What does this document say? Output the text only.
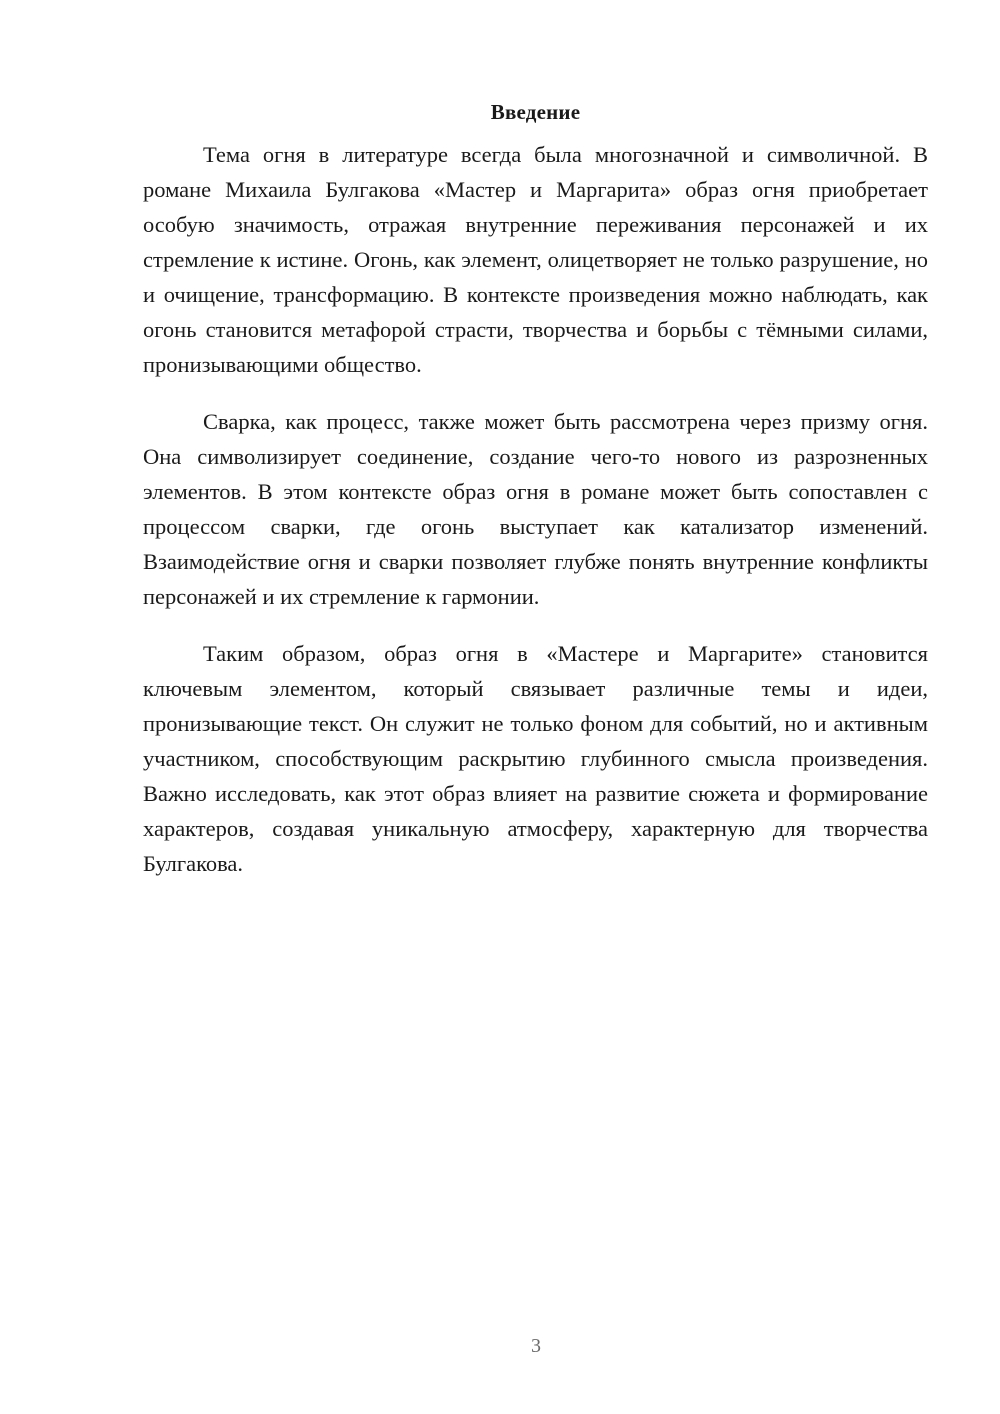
Введение

Тема огня в литературе всегда была многозначной и символичной. В романе Михаила Булгакова «Мастер и Маргарита» образ огня приобретает особую значимость, отражая внутренние переживания персонажей и их стремление к истине. Огонь, как элемент, олицетворяет не только разрушение, но и очищение, трансформацию. В контексте произведения можно наблюдать, как огонь становится метафорой страсти, творчества и борьбы с тёмными силами, пронизывающими общество.

Сварка, как процесс, также может быть рассмотрена через призму огня. Она символизирует соединение, создание чего-то нового из разрозненных элементов. В этом контексте образ огня в романе может быть сопоставлен с процессом сварки, где огонь выступает как катализатор изменений. Взаимодействие огня и сварки позволяет глубже понять внутренние конфликты персонажей и их стремление к гармонии.

Таким образом, образ огня в «Мастере и Маргарите» становится ключевым элементом, который связывает различные темы и идеи, пронизывающие текст. Он служит не только фоном для событий, но и активным участником, способствующим раскрытию глубинного смысла произведения. Важно исследовать, как этот образ влияет на развитие сюжета и формирование характеров, создавая уникальную атмосферу, характерную для творчества Булгакова.

3
